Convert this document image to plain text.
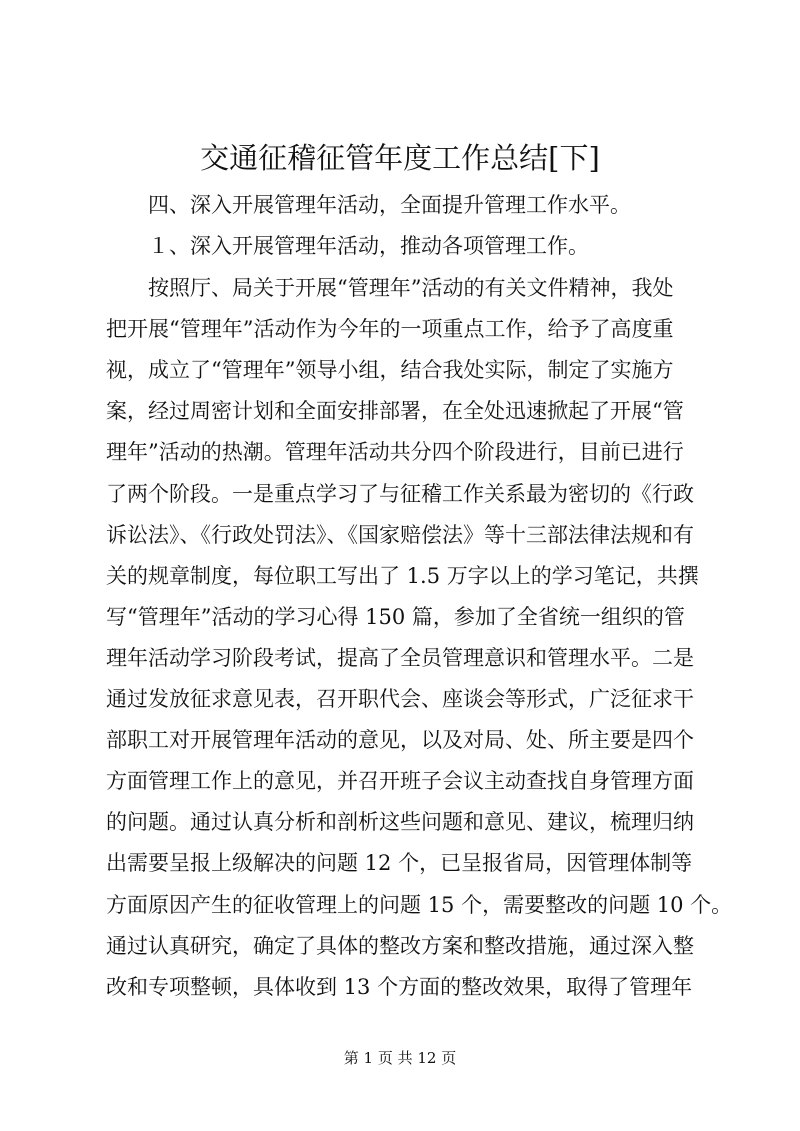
交通征稽征管年度工作总结[下]

四、深入开展管理年活动，全面提升管理工作水平。

１、深入开展管理年活动，推动各项管理工作。

按照厅、局关于开展“管理年”活动的有关文件精神，我处

把开展“管理年”活动作为今年的一项重点工作，给予了高度重

视，成立了“管理年”领导小组，结合我处实际，制定了实施方

案，经过周密计划和全面安排部署，在全处迅速掀起了开展“管

理年”活动的热潮。管理年活动共分四个阶段进行，目前已进行

了两个阶段。一是重点学习了与征稽工作关系最为密切的《行政

诉讼法》、《行政处罚法》、《国家赔偿法》等十三部法律法规和有

关的规章制度，每位职工写出了 1.5 万字以上的学习笔记，共撰

写“管理年”活动的学习心得 150 篇，参加了全省统一组织的管

理年活动学习阶段考试，提高了全员管理意识和管理水平。二是

通过发放征求意见表，召开职代会、座谈会等形式，广泛征求干

部职工对开展管理年活动的意见，以及对局、处、所主要是四个

方面管理工作上的意见，并召开班子会议主动查找自身管理方面

的问题。通过认真分析和剖析这些问题和意见、建议，梳理归纳

出需要呈报上级解决的问题 12 个，已呈报省局，因管理体制等

方面原因产生的征收管理上的问题 15 个，需要整改的问题 10 个。

通过认真研究，确定了具体的整改方案和整改措施，通过深入整

改和专项整顿，具体收到 13 个方面的整改效果，取得了管理年

第 1 页 共 12 页
